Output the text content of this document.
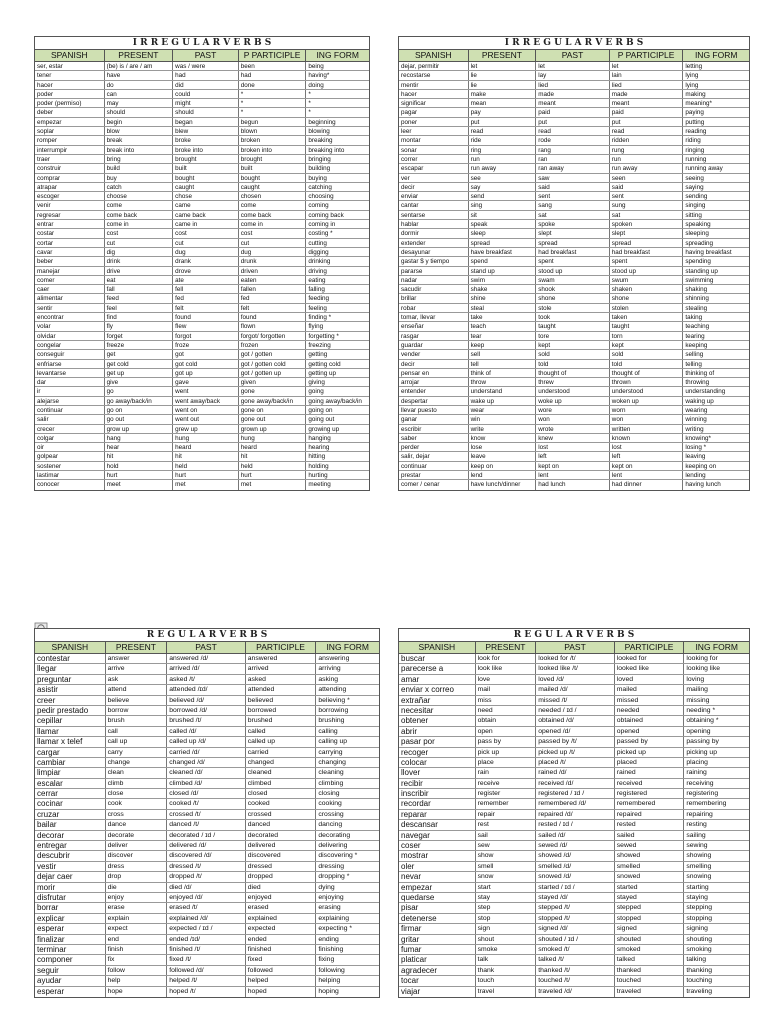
I R R E G U L A R V E R B S
SPANISH	PRESENT	PAST	P PARTICIPLE	ING FORM
ser, estar	(be) is / are / am	was / were	been	being
tener	have	had	had	having*
hacer	do	did	done	doing
poder	can	could	*	*
poder (permiso)	may	might	*	*
deber	should	should	*	*
empezar	begin	began	begun	beginning
soplar	blow	blew	blown	blowing
romper	break	broke	broken	breaking
interrumpir	break into	broke into	broken into	breaking into
traer	bring	brought	brought	bringing
construir	build	built	built	building
comprar	buy	bought	bought	buying
atrapar	catch	caught	caught	catching
escoger	choose	chose	chosen	choosing
venir	come	came	come	coming
regresar	come back	came back	come back	coming back
entrar	come in	came in	come in	coming in
costar	cost	cost	cost	costing *
cortar	cut	cut	cut	cutting
cavar	dig	dug	dug	digging
beber	drink	drank	drunk	drinking
manejar	drive	drove	driven	driving
comer	eat	ate	eaten	eating
caer	fall	fell	fallen	falling
alimentar	feed	fed	fed	feeding
sentir	feel	felt	felt	feeling
encontrar	find	found	found	finding *
volar	fly	flew	flown	flying
olvidar	forget	forgot	forgot/ forgotten	forgetting *
congelar	freeze	froze	frozen	freezing
conseguir	get	got	got / gotten	getting
enfriarse	get cold	got cold	got / gotten cold	getting cold
levantarse	get up	got up	got / gotten up	getting up
dar	give	gave	given	giving
ir	go	went	gone	going
alejarse	go away/back/in	went away/back	gone away/back/in	going away/back/in
continuar	go on	went on	gone on	going on
salir	go out	went out	gone out	going out
crecer	grow up	grew up	grown up	growing up
colgar	hang	hung	hung	hanging
oir	hear	heard	heard	hearing
golpear	hit	hit	hit	hitting
sostener	hold	held	held	holding
lastimar	hurt	hurt	hurt	hurting
conocer	meet	met	met	meeting
I R R E G U L A R V E R B S
SPANISH	PRESENT	PAST	P PARTICIPLE	ING FORM
dejar, permitir	let	let	let	letting
recostarse	lie	lay	lain	lying
mentir	lie	lied	lied	lying
hacer	make	made	made	making
significar	mean	meant	meant	meaning*
pagar	pay	paid	paid	paying
poner	put	put	put	putting
leer	read	read	read	reading
montar	ride	rode	ridden	riding
sonar	ring	rang	rung	ringing
correr	run	ran	run	running
escapar	run away	ran away	run away	running away
ver	see	saw	seen	seeing
decir	say	said	said	saying
enviar	send	sent	sent	sending
cantar	sing	sang	sung	singing
sentarse	sit	sat	sat	sitting
hablar	speak	spoke	spoken	speaking
dormir	sleep	slept	slept	sleeping
extender	spread	spread	spread	spreading
desayunar	have breakfast	had breakfast	had breakfast	having breakfast
gastar $ y tiempo	spend	spent	spent	spending
pararse	stand up	stood up	stood up	standing up
nadar	swim	swam	swum	swimming
sacudir	shake	shook	shaken	shaking
brillar	shine	shone	shone	shinning
robar	steal	stole	stolen	stealing
tomar, llevar	take	took	taken	taking
enseñar	teach	taught	taught	teaching
rasgar	tear	tore	torn	tearing
guardar	keep	kept	kept	keeping
vender	sell	sold	sold	selling
decir	tell	told	told	telling
pensar en	think of	thought of	thought of	thinking of
arrojar	throw	threw	thrown	throwing
entender	understand	understood	understood	understanding
despertar	wake up	woke up	woken up	waking up
llevar puesto	wear	wore	worn	wearing
ganar	win	won	won	winning
escribir	write	wrote	written	writing
saber	know	knew	known	knowing*
perder	lose	lost	lost	losing *
salir, dejar	leave	left	left	leaving
continuar	keep on	kept on	kept on	keeping on
prestar	lend	lent	lent	lending
comer / cenar	have lunch/dinner	had lunch	had dinner	having lunch
R E G U L A R V E R B S
SPANISH	PRESENT	PAST	PARTICIPLE	ING FORM
contestar	answer	answered /d/	answered	answering
llegar	arrive	arrived /d/	arrived	arriving
preguntar	ask	asked /t/	asked	asking
asistir	attend	attended /ɪd/	attended	attending
creer	believe	believed /d/	believed	believing *
pedir prestado	borrow	borrowed /d/	borrowed	borrowing
cepillar	brush	brushed /t/	brushed	brushing
llamar	call	called /d/	called	calling
llamar x telef	call up	called up /d/	called up	calling up
cargar	carry	carried /d/	carried	carrying
cambiar	change	changed /d/	changed	changing
limpiar	clean	cleaned /d/	cleaned	cleaning
escalar	climb	climbed /d/	climbed	climbing
cerrar	close	closed /d/	closed	closing
cocinar	cook	cooked /t/	cooked	cooking
cruzar	cross	crossed /t/	crossed	crossing
bailar	dance	danced /t/	danced	dancing
decorar	decorate	decorated / ɪd /	decorated	decorating
entregar	deliver	delivered /d/	delivered	delivering
descubrir	discover	discovered /d/	discovered	discovering *
vestir	dress	dressed /t/	dressed	dressing
dejar caer	drop	dropped /t/	dropped	dropping *
morir	die	died /d/	died	dying
disfrutar	enjoy	enjoyed /d/	enjoyed	enjoying
borrar	erase	erased /t/	erased	erasing
explicar	explain	explained /d/	explained	explaining
esperar	expect	expected / ɪd /	expected	expecting *
finalizar	end	ended /ɪd/	ended	ending
terminar	finish	finished /t/	finished	finishing
componer	fix	fixed /t/	fixed	fixing
seguir	follow	followed /d/	followed	following
ayudar	help	helped /t/	helped	helping
esperar	hope	hoped /t/	hoped	hoping
R E G U L A R V E R B S
SPANISH	PRESENT	PAST	PARTICIPLE	ING FORM
buscar	look for	looked for /t/	looked for	looking for
parecerse a	look like	looked like /t/	looked like	looking like
amar	love	loved /d/	loved	loving
enviar x correo	mail	mailed /d/	mailed	mailing
extrañar	miss	missed /t/	missed	missing
necesitar	need	needed / ɪd /	needed	needing *
obtener	obtain	obtained /d/	obtained	obtaining *
abrir	open	opened /d/	opened	opening
pasar por	pass by	passed by /t/	passed by	passing by
recoger	pick up	picked up /t/	picked up	picking up
colocar	place	placed /t/	placed	placing
llover	rain	rained /d/	rained	raining
recibir	receive	received /d/	received	receiving
inscribir	register	registered / ɪd /	registered	registering
recordar	remember	remembered /d/	remembered	remembering
reparar	repair	repaired /d/	repaired	repairing
descansar	rest	rested / ɪd /	rested	resting
navegar	sail	sailed /d/	sailed	sailing
coser	sew	sewed /d/	sewed	sewing
mostrar	show	showed /d/	showed	showing
oler	smell	smelled /d/	smelled	smelling
nevar	snow	snowed /d/	snowed	snowing
empezar	start	started / ɪd /	started	starting
quedarse	stay	stayed /d/	stayed	staying
pisar	step	stepped /t/	stepped	stepping
detenerse	stop	stopped /t/	stopped	stopping
firmar	sign	signed /d/	signed	signing
gritar	shout	shouted / ɪd /	shouted	shouting
fumar	smoke	smoked /t/	smoked	smoking
platicar	talk	talked /t/	talked	talking
agradecer	thank	thanked /t/	thanked	thanking
tocar	touch	touched /t/	touched	touching
viajar	travel	traveled /d/	traveled	traveling
